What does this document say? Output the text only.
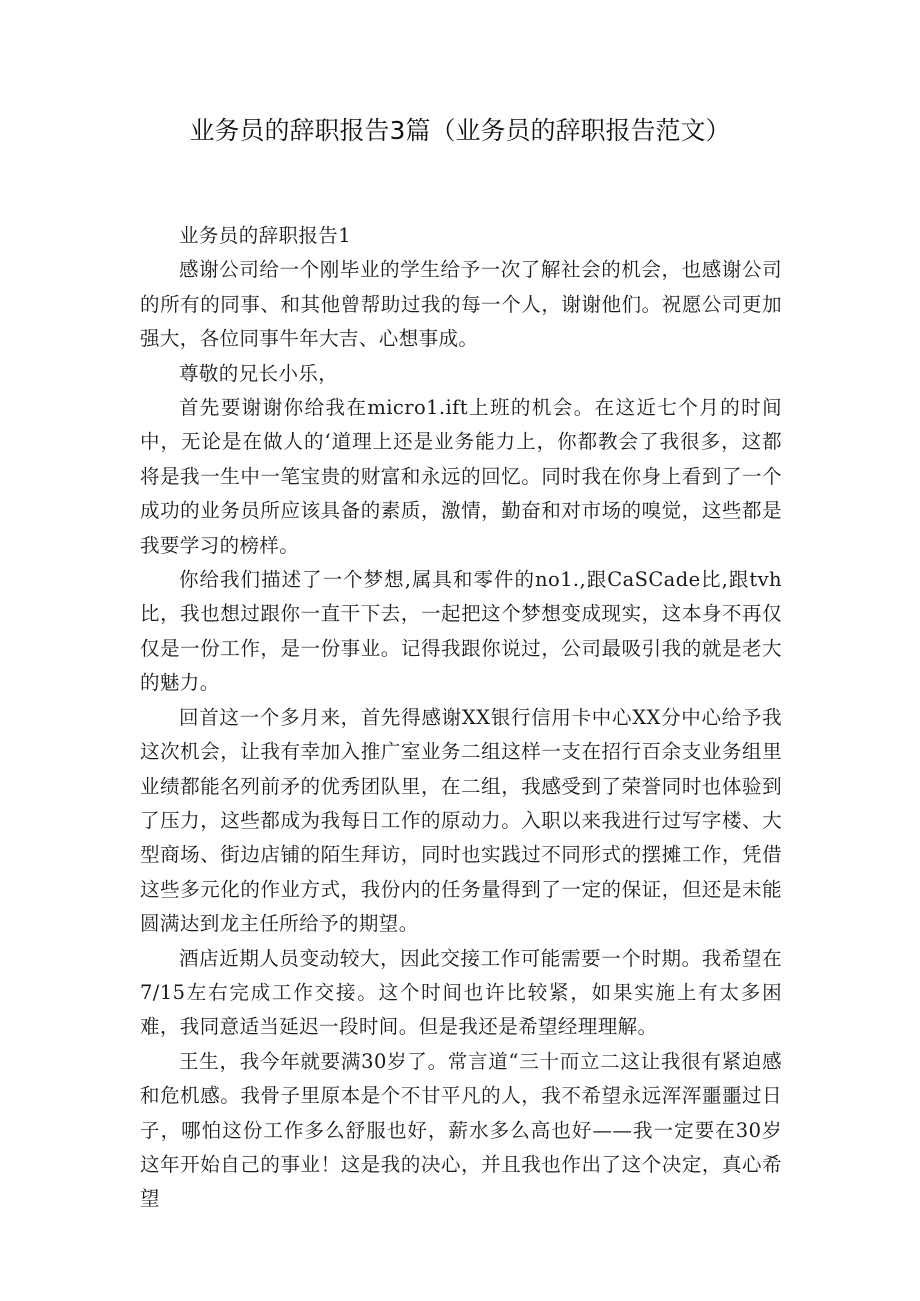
业务员的辞职报告3篇（业务员的辞职报告范文）

业务员的辞职报告1

感谢公司给一个刚毕业的学生给予一次了解社会的机会，也感谢公司的所有的同事、和其他曾帮助过我的每一个人，谢谢他们。祝愿公司更加强大，各位同事牛年大吉、心想事成。

尊敬的兄长小乐，

首先要谢谢你给我在micro1.ift上班的机会。在这近七个月的时间中，无论是在做人的‘道理上还是业务能力上，你都教会了我很多，这都将是我一生中一笔宝贵的财富和永远的回忆。同时我在你身上看到了一个成功的业务员所应该具备的素质，激情，勤奋和对市场的嗅觉，这些都是我要学习的榜样。

你给我们描述了一个梦想,属具和零件的no1.,跟CaSCade比,跟tvh比，我也想过跟你一直干下去，一起把这个梦想变成现实，这本身不再仅仅是一份工作，是一份事业。记得我跟你说过，公司最吸引我的就是老大的魅力。

回首这一个多月来，首先得感谢XX银行信用卡中心XX分中心给予我这次机会，让我有幸加入推广室业务二组这样一支在招行百余支业务组里业绩都能名列前矛的优秀团队里，在二组，我感受到了荣誉同时也体验到了压力，这些都成为我每日工作的原动力。入职以来我进行过写字楼、大型商场、街边店铺的陌生拜访，同时也实践过不同形式的摆摊工作，凭借这些多元化的作业方式，我份内的任务量得到了一定的保证，但还是未能圆满达到龙主任所给予的期望。

酒店近期人员变动较大，因此交接工作可能需要一个时期。我希望在7/15左右完成工作交接。这个时间也许比较紧，如果实施上有太多困难，我同意适当延迟一段时间。但是我还是希望经理理解。

王生，我今年就要满30岁了。常言道“三十而立二这让我很有紧迫感和危机感。我骨子里原本是个不甘平凡的人，我不希望永远浑浑噩噩过日子，哪怕这份工作多么舒服也好，薪水多么高也好——我一定要在30岁这年开始自己的事业！这是我的决心，并且我也作出了这个决定，真心希望
